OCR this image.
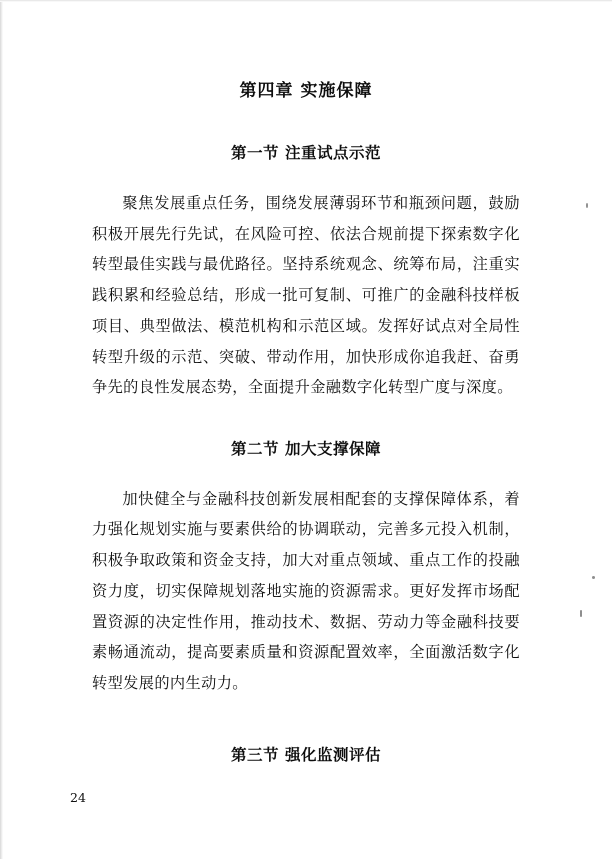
第四章 实施保障
第一节 注重试点示范
聚焦发展重点任务，围绕发展薄弱环节和瓶颈问题，鼓励积极开展先行先试，在风险可控、依法合规前提下探索数字化转型最佳实践与最优路径。坚持系统观念、统筹布局，注重实践积累和经验总结，形成一批可复制、可推广的金融科技样板项目、典型做法、模范机构和示范区域。发挥好试点对全局性转型升级的示范、突破、带动作用，加快形成你追我赶、奋勇争先的良性发展态势，全面提升金融数字化转型广度与深度。
第二节 加大支撑保障
加快健全与金融科技创新发展相配套的支撑保障体系，着力强化规划实施与要素供给的协调联动，完善多元投入机制，积极争取政策和资金支持，加大对重点领域、重点工作的投融资力度，切实保障规划落地实施的资源需求。更好发挥市场配置资源的决定性作用，推动技术、数据、劳动力等金融科技要素畅通流动，提高要素质量和资源配置效率，全面激活数字化转型发展的内生动力。
第三节 强化监测评估
24
